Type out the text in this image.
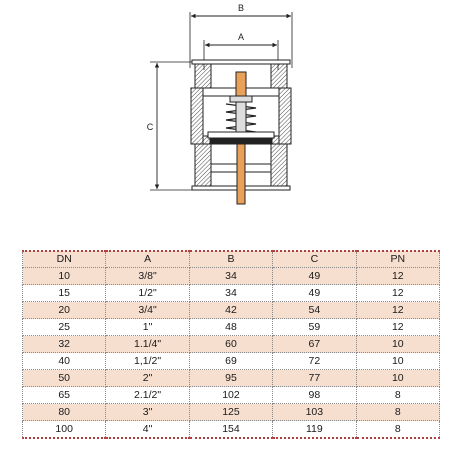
B
A
C
DN	A	B	C	PN
10	3/8"	34	49	12
15	1/2"	34	49	12
20	3/4"	42	54	12
25	1"	48	59	12
32	1.1/4"	60	67	10
40	1,1/2"	69	72	10
50	2"	95	77	10
65	2.1/2"	102	98	8
80	3"	125	103	8
100	4"	154	119	8
